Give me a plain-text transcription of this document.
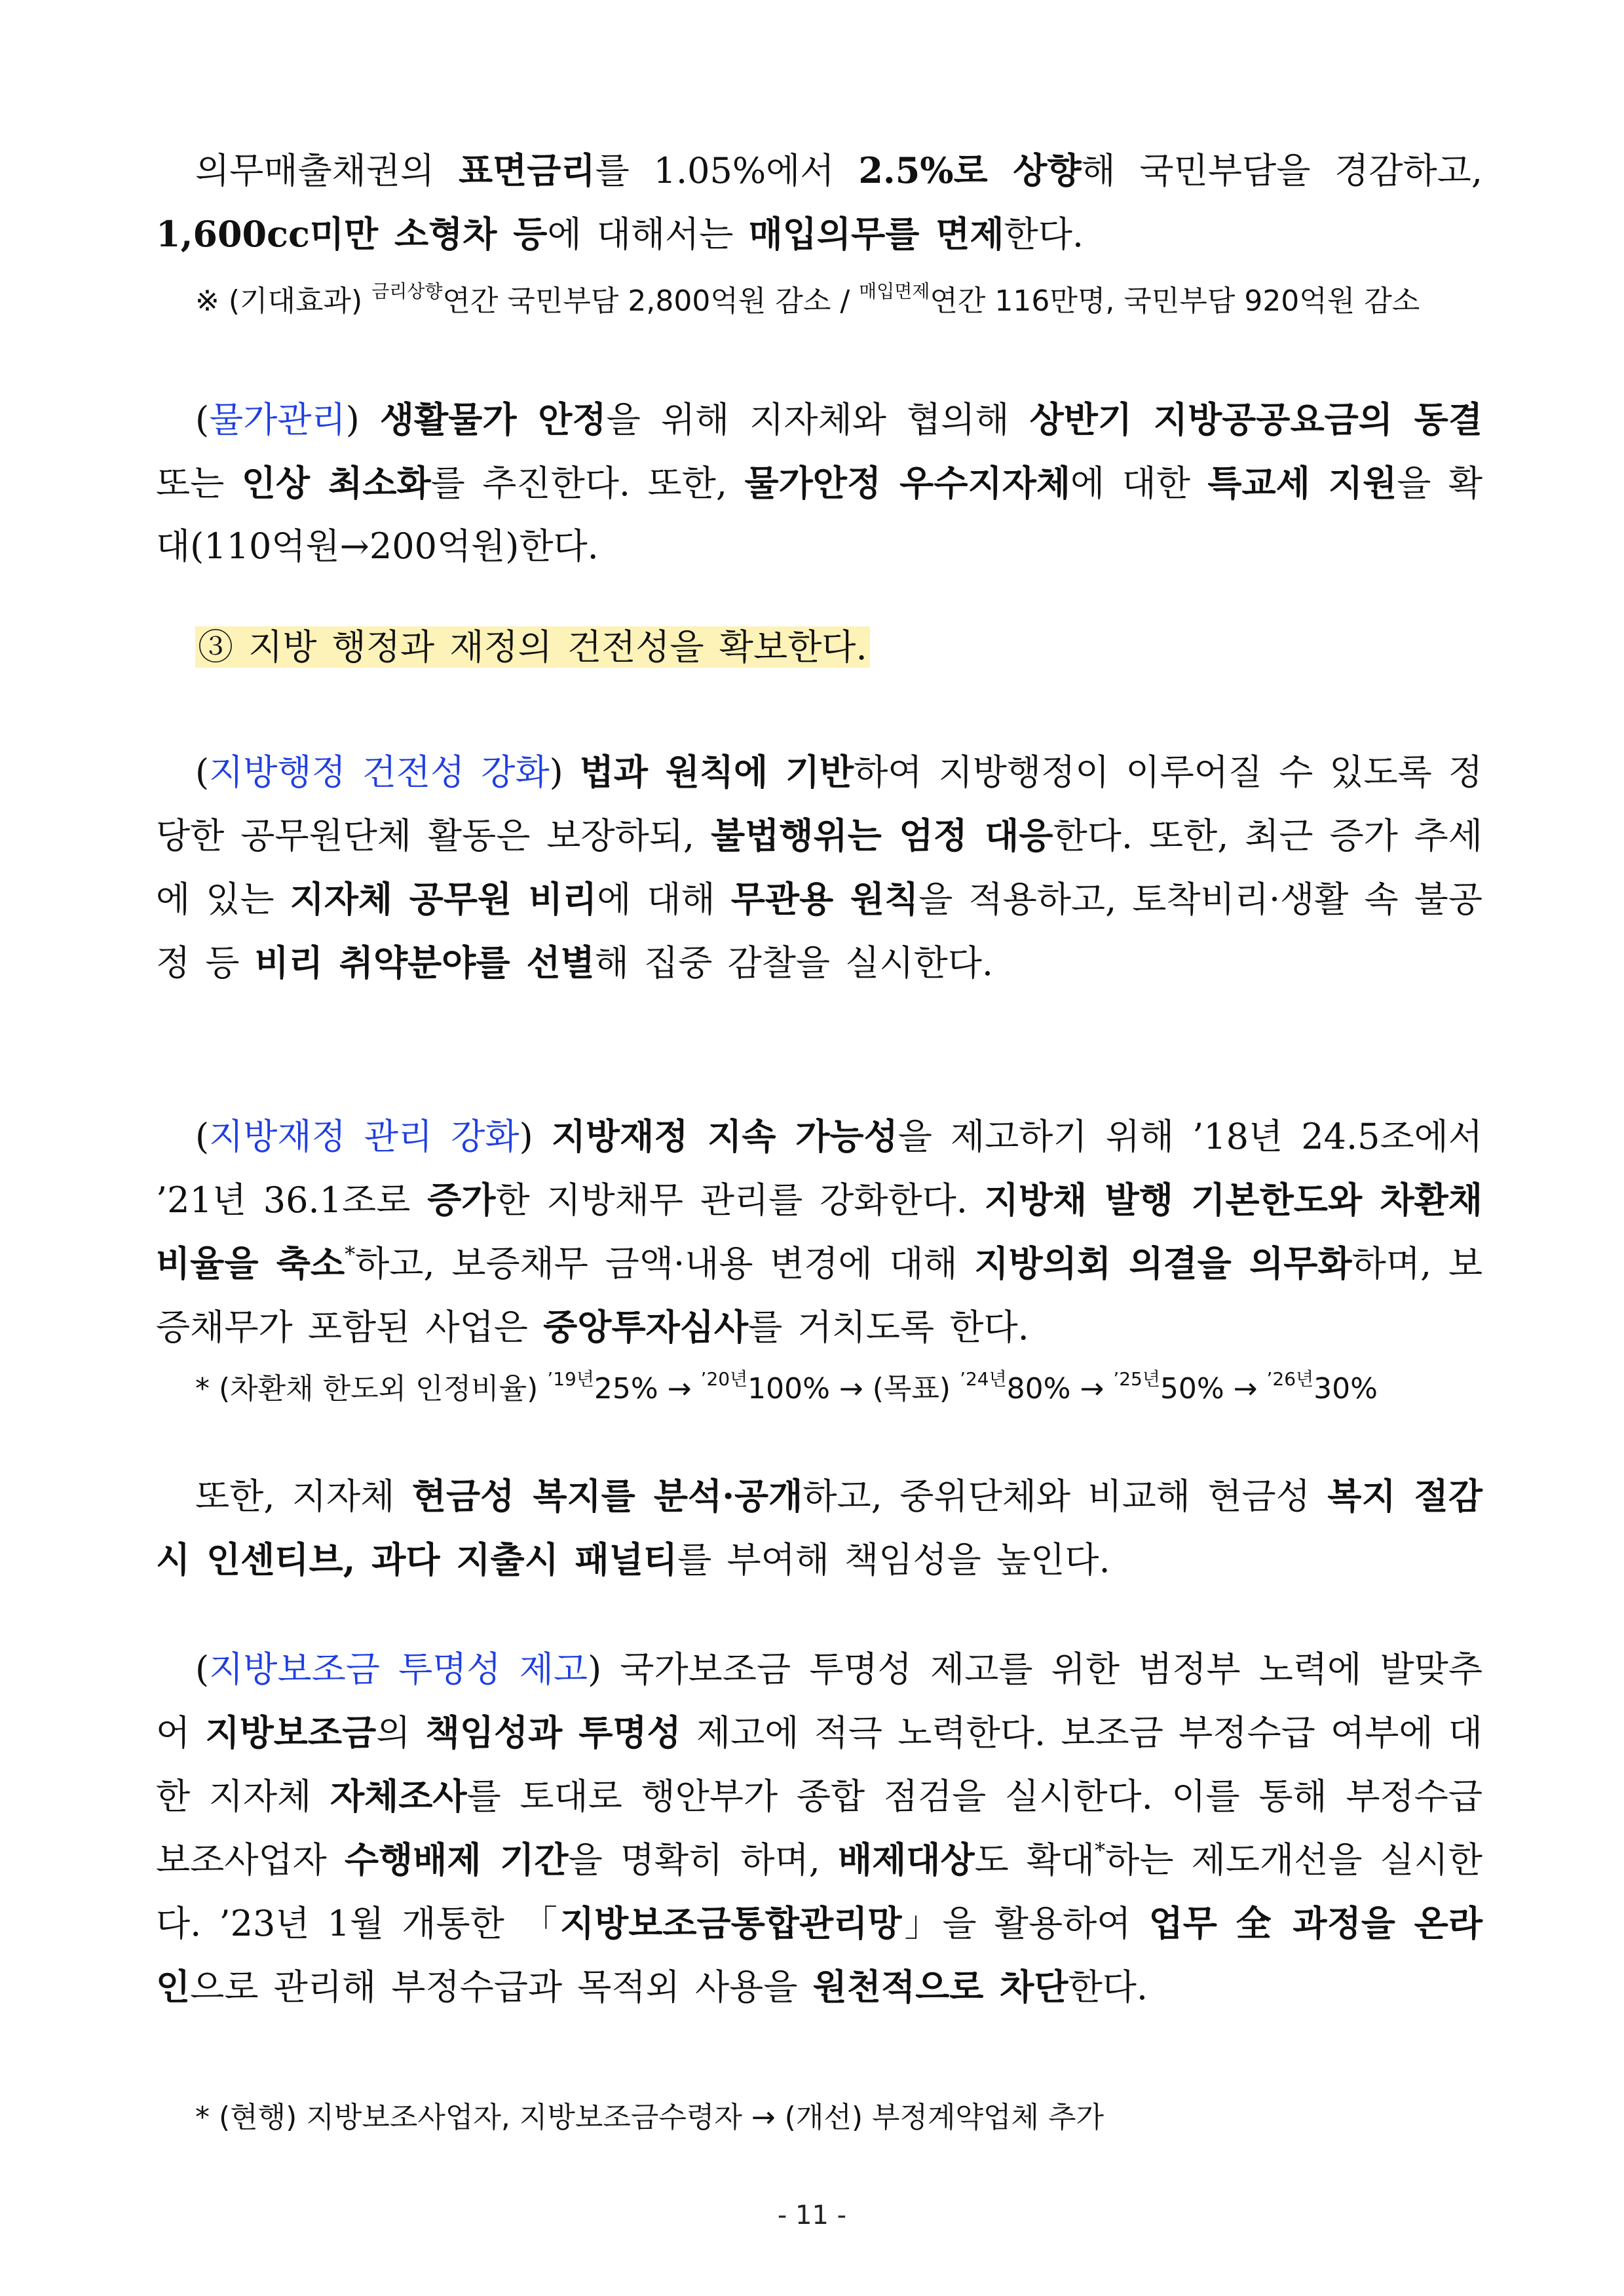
의무매출채권의 표면금리를 1.05%에서 2.5%로 상향해 국민부담을 경감하고, 1,600cc미만 소형차 등에 대해서는 매입의무를 면제한다.

※ (기대효과) $^{금리상향}$연간 국민부담 2,800억원 감소 / $^{매입면제}$연간 116만명, 국민부담 920억원 감소

(물가관리) 생활물가 안정을 위해 지자체와 협의해 상반기 지방공공요금의 동결 또는 인상 최소화를 추진한다. 또한, 물가안정 우수지자체에 대한 특교세 지원을 확대(110억원→200억원)한다.

③ 지방 행정과 재정의 건전성을 확보한다.

(지방행정 건전성 강화) 법과 원칙에 기반하여 지방행정이 이루어질 수 있도록 정당한 공무원단체 활동은 보장하되, 불법행위는 엄정 대응한다. 또한, 최근 증가 추세에 있는 지자체 공무원 비리에 대해 무관용 원칙을 적용하고, 토착비리·생활 속 불공정 등 비리 취약분야를 선별해 집중 감찰을 실시한다.

(지방재정 관리 강화) 지방재정 지속 가능성을 제고하기 위해 ’18년 24.5조에서 ’21년 36.1조로 증가한 지방채무 관리를 강화한다. 지방채 발행 기본한도와 차환채 비율을 축소*하고, 보증채무 금액·내용 변경에 대해 지방의회 의결을 의무화하며, 보증채무가 포함된 사업은 중앙투자심사를 거치도록 한다.

* (차환채 한도외 인정비율) $^{’19년}$25% → $^{’20년}$100% → (목표) $^{’24년}$80% → $^{’25년}$50% → $^{’26년}$30%

또한, 지자체 현금성 복지를 분석·공개하고, 중위단체와 비교해 현금성 복지 절감시 인센티브, 과다 지출시 패널티를 부여해 책임성을 높인다.

(지방보조금 투명성 제고) 국가보조금 투명성 제고를 위한 범정부 노력에 발맞추어 지방보조금의 책임성과 투명성 제고에 적극 노력한다. 보조금 부정수급 여부에 대한 지자체 자체조사를 토대로 행안부가 종합 점검을 실시한다. 이를 통해 부정수급 보조사업자 수행배제 기간을 명확히 하며, 배제대상도 확대*하는 제도개선을 실시한다. ’23년 1월 개통한 「지방보조금통합관리망」을 활용하여 업무 全 과정을 온라인으로 관리해 부정수급과 목적외 사용을 원천적으로 차단한다.

* (현행) 지방보조사업자, 지방보조금수령자 → (개선) 부정계약업체 추가
- 11 -
